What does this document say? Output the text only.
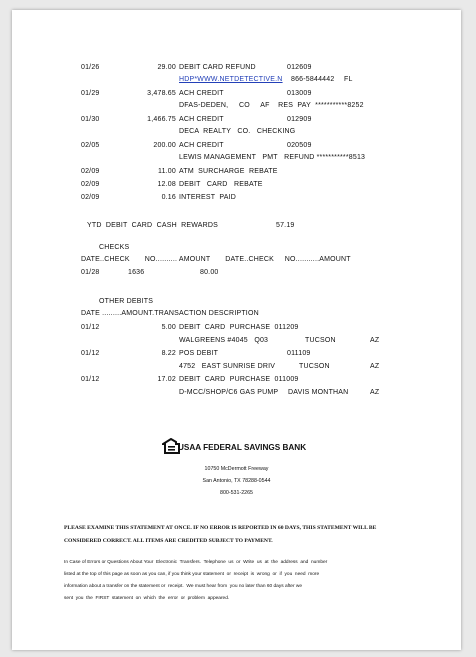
01/26	29.00 DEBIT CARD REFUND	012609
HDP*WWW.NETDETECTIVE.N 866-5844442 FL
01/29	3,478.65 ACH CREDIT	013009
DFAS-DEDEN,     CO     AF    RES  PAY  ***********8252
01/30	1,466.75 ACH CREDIT	012909
DECA  REALTY   CO.   CHECKING
02/05	200.00 ACH CREDIT	020509
LEWIS MANAGEMENT   PMT   REFUND ***********8513
02/09	11.00 ATM  SURCHARGE  REBATE
02/09	12.08 DEBIT   CARD   REBATE
02/09	0.16 INTEREST  PAID
YTD  DEBIT  CARD  CASH  REWARDS	57.19
CHECKS
DATE..CHECK       NO.......... AMOUNT       DATE..CHECK     NO...........AMOUNT
01/28	1636	80.00
OTHER DEBITS
DATE .........AMOUNT.TRANSACTION DESCRIPTION
01/12	5.00 DEBIT  CARD  PURCHASE  011209
WALGREENS #4045   Q03	TUCSON	AZ
01/12	8.22 POS DEBIT	011109
4752   EAST SUNRISE DRIV	TUCSON	AZ
01/12	17.02 DEBIT  CARD  PURCHASE  011009
D-MCC/SHOP/C6 GAS PUMP DAVIS MONTHAN	AZ
USAA FEDERAL SAVINGS BANK
10750 McDermott Freeway
San Antonio, TX 78288-0544
800-531-2265
PLEASE EXAMINE THIS STATEMENT AT ONCE. IF NO ERROR IS REPORTED IN 60 DAYS, THIS STATEMENT WILL BE
CONSIDERED CORRECT. ALL ITEMS ARE CREDITED SUBJECT TO PAYMENT.
In Case of Errors or Questions About Your  Electronic  Transfers.  Telephone  us  or  Write  us  at  the  address  and  number
listed at the top of this page as soon as you can, if you think your statement  or  receipt  is  wrong  or  if  you  need  more
information about a transfer on the statement or  receipt.  We must hear from  you no later than 60 days after we
sent  you  the  FIRST  statement  on  which  the  error  or  problem  appeared.
